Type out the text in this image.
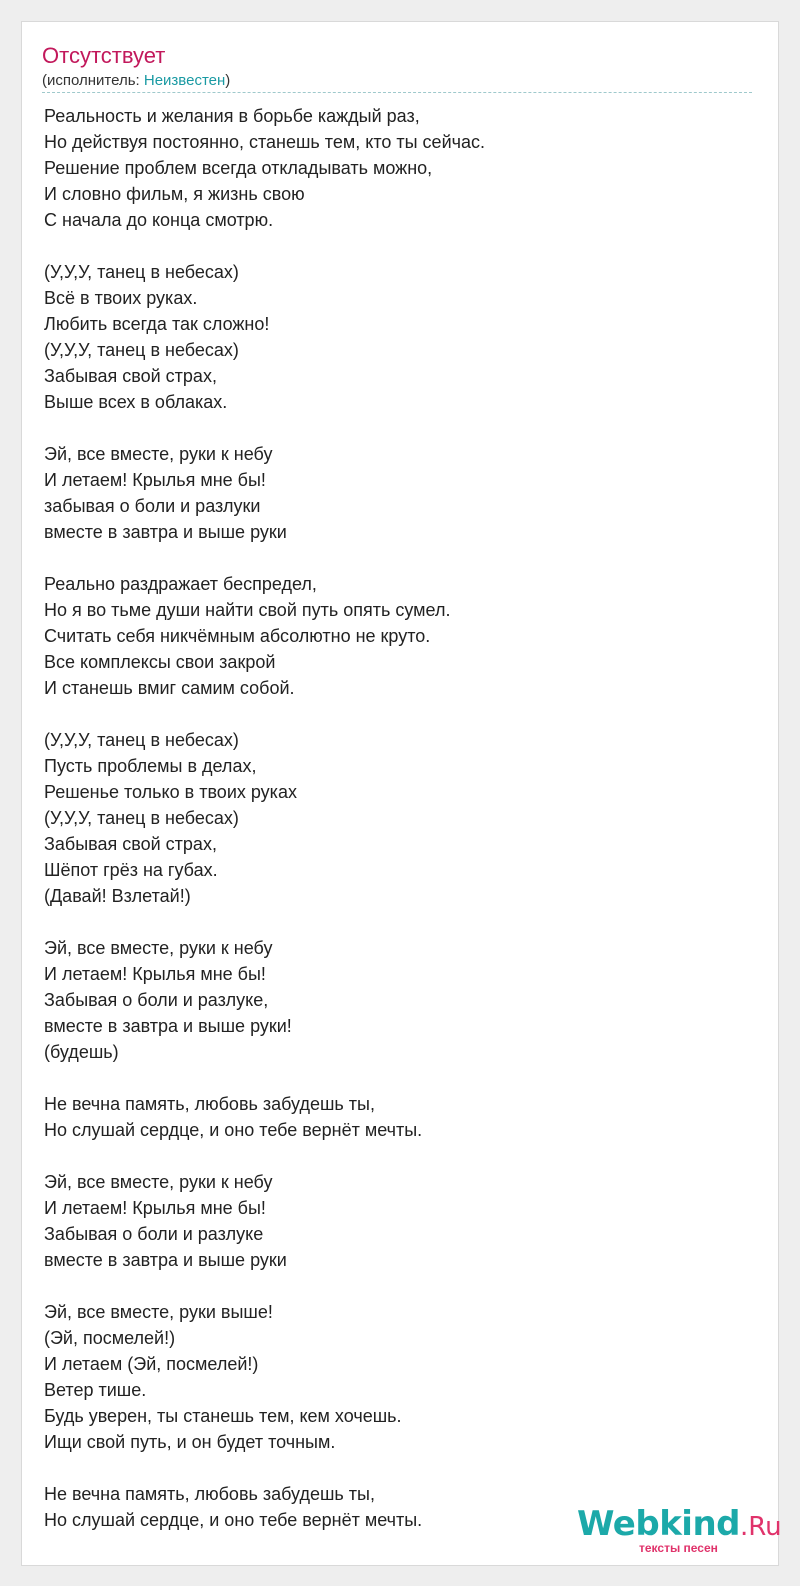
Отсутствует
(исполнитель: Неизвестен)
Реальность и желания в борьбе каждый раз,
Но действуя постоянно, станешь тем, кто ты сейчас.
Решение проблем всегда откладывать можно,
И словно фильм, я жизнь свою
С начала до конца смотрю.
(У,У,У, танец в небесах)
Всё в твоих руках.
Любить всегда так сложно!
(У,У,У, танец в небесах)
Забывая свой страх,
Выше всех в облаках.
Эй, все вместе, руки к небу
И летаем! Крылья мне бы!
забывая о боли и разлуки
вместе в завтра и выше руки
Реально раздражает беспредел,
Но я во тьме души найти свой путь опять сумел.
Считать себя никчёмным абсолютно не круто.
Все комплексы свои закрой
И станешь вмиг самим собой.
(У,У,У, танец в небесах)
Пусть проблемы в делах,
Решенье только в твоих руках
(У,У,У, танец в небесах)
Забывая свой страх,
Шёпот грёз на губах.
(Давай! Взлетай!)
Эй, все вместе, руки к небу
И летаем! Крылья мне бы!
Забывая о боли и разлуке,
вместе в завтра и выше руки!
(будешь)
Не вечна память, любовь забудешь ты,
Но слушай сердце, и оно тебе вернёт мечты.
Эй, все вместе, руки к небу
И летаем! Крылья мне бы!
Забывая о боли и разлуке
вместе в завтра и выше руки
Эй, все вместе, руки выше!
(Эй, посмелей!)
И летаем (Эй, посмелей!)
Ветер тише.
Будь уверен, ты станешь тем, кем хочешь.
Ищи свой путь, и он будет точным.
Не вечна память, любовь забудешь ты,
Но слушай сердце, и оно тебе вернёт мечты.	Webkind.Ru
тексты песен
